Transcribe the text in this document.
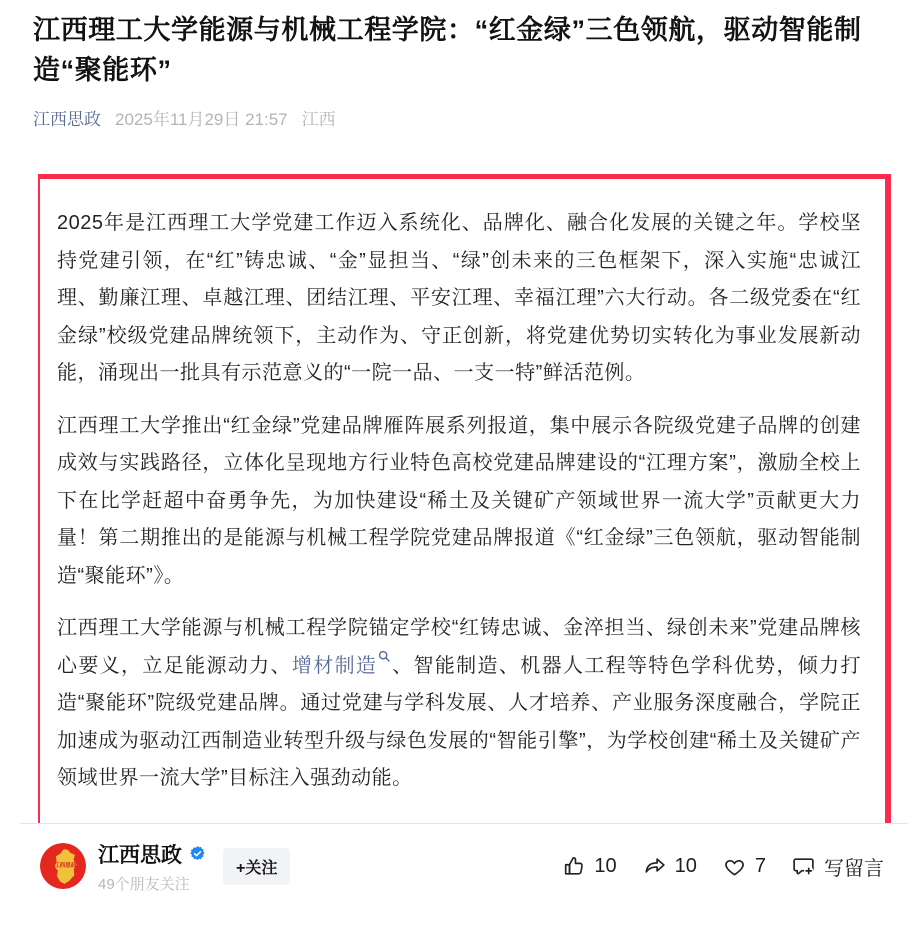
江西理工大学能源与机械工程学院：“红金绿”三色领航，驱动智能制造“聚能环”
江西思政 2025年11月29日 21:57 江西

2025年是江西理工大学党建工作迈入系统化、品牌化、融合化发展的关键之年。学校坚持党建引领，在“红”铸忠诚、“金”显担当、“绿”创未来的三色框架下，深入实施“忠诚江理、勤廉江理、卓越江理、团结江理、平安江理、幸福江理”六大行动。各二级党委在“红金绿”校级党建品牌统领下，主动作为、守正创新，将党建优势切实转化为事业发展新动能，涌现出一批具有示范意义的“一院一品、一支一特”鲜活范例。

江西理工大学推出“红金绿”党建品牌雁阵展系列报道，集中展示各院级党建子品牌的创建成效与实践路径，立体化呈现地方行业特色高校党建品牌建设的“江理方案”，激励全校上下在比学赶超中奋勇争先，为加快建设“稀土及关键矿产领域世界一流大学”贡献更大力量！第二期推出的是能源与机械工程学院党建品牌报道《“红金绿”三色领航，驱动智能制造“聚能环”》。

江西理工大学能源与机械工程学院锚定学校“红铸忠诚、金淬担当、绿创未来”党建品牌核心要义，立足能源动力、增材制造 、智能制造、机器人工程等特色学科优势，倾力打造“聚能环”院级党建品牌。通过党建与学科发展、人才培养、产业服务深度融合，学院正加速成为驱动江西制造业转型升级与绿色发展的“智能引擎”，为学校创建“稀土及关键矿产领域世界一流大学”目标注入强劲动能。

江西思政 江西思政
49个朋友关注
+关注	10	10	7	写留言
